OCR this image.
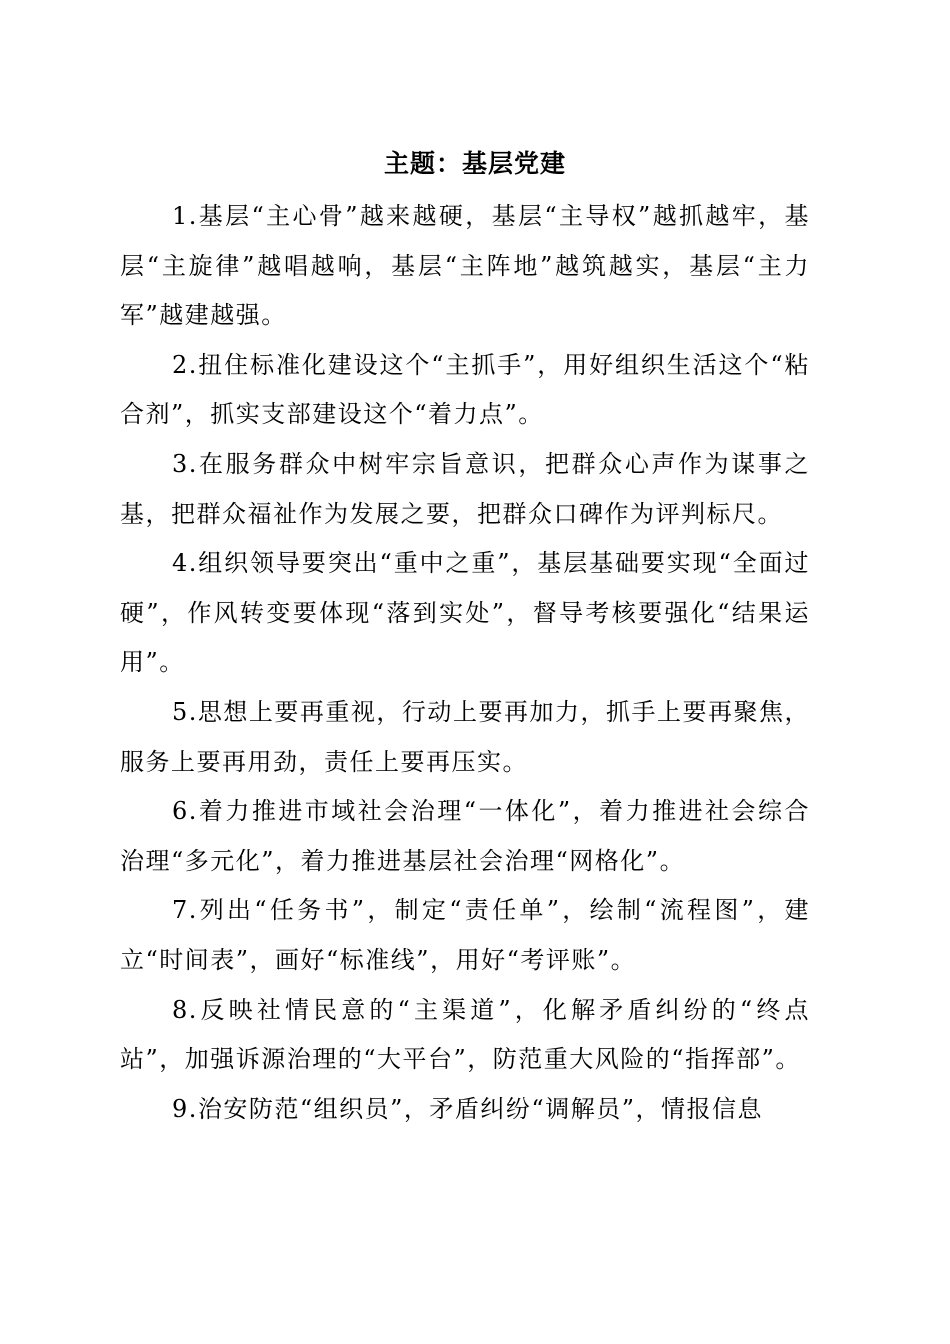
主题：基层党建

1.基层“主心骨”越来越硬，基层“主导权”越抓越牢，基层“主旋律”越唱越响，基层“主阵地”越筑越实，基层“主力军”越建越强。

2.扭住标准化建设这个“主抓手”，用好组织生活这个“粘合剂”，抓实支部建设这个“着力点”。

3.在服务群众中树牢宗旨意识，把群众心声作为谋事之基，把群众福祉作为发展之要，把群众口碑作为评判标尺。

4.组织领导要突出“重中之重”，基层基础要实现“全面过硬”，作风转变要体现“落到实处”，督导考核要强化“结果运用”。

5.思想上要再重视，行动上要再加力，抓手上要再聚焦，服务上要再用劲，责任上要再压实。

6.着力推进市域社会治理“一体化”，着力推进社会综合治理“多元化”，着力推进基层社会治理“网格化”。

7.列出“任务书”，制定“责任单”，绘制“流程图”，建立“时间表”，画好“标准线”，用好“考评账”。

8.反映社情民意的“主渠道”，化解矛盾纠纷的“终点站”，加强诉源治理的“大平台”，防范重大风险的“指挥部”。

9.治安防范“组织员”，矛盾纠纷“调解员”，情报信息
